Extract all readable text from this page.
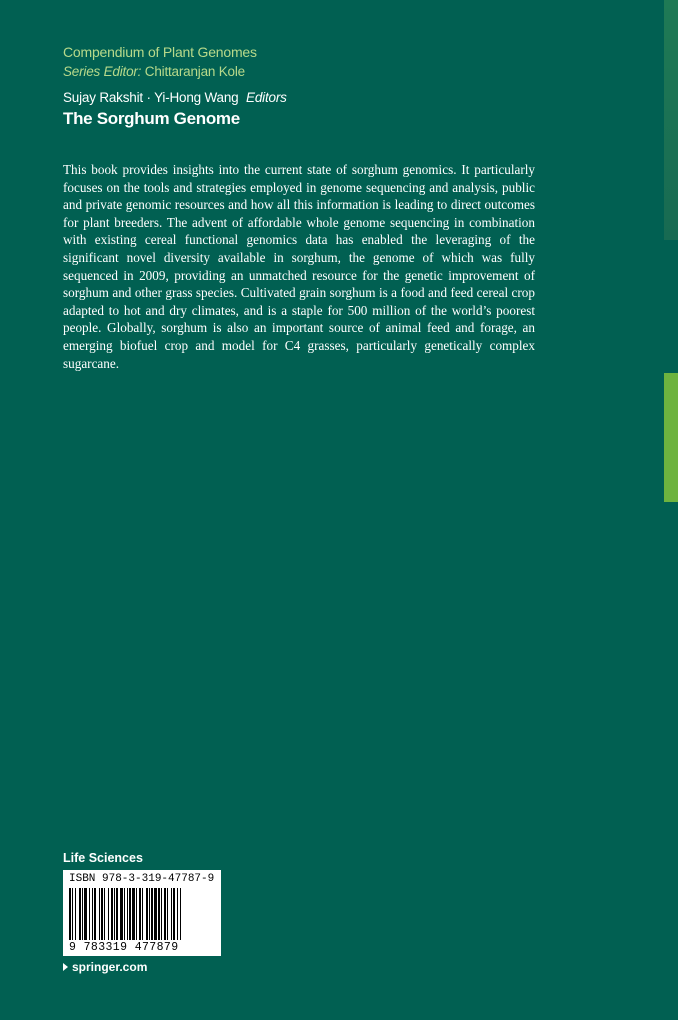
Compendium of Plant Genomes
Series Editor: Chittaranjan Kole
Sujay Rakshit · Yi-Hong Wang Editors
The Sorghum Genome

This book provides insights into the current state of sorghum genomics. It particularly focuses on the tools and strategies employed in genome sequencing and analysis, public and private genomic resources and how all this information is leading to direct outcomes for plant breeders. The advent of affordable whole genome sequencing in combination with existing cereal functional genomics data has enabled the leveraging of the significant novel diversity available in sorghum, the genome of which was fully sequenced in 2009, providing an unmatched resource for the genetic improvement of sorghum and other grass species. Cultivated grain sorghum is a food and feed cereal crop adapted to hot and dry climates, and is a staple for 500 million of the world’s poorest people. Globally, sorghum is also an important source of animal feed and forage, an emerging biofuel crop and model for C4 grasses, particularly genetically complex sugarcane.

Life Sciences
ISBN 978-3-319-47787-9
9 783319 477879
springer.com
